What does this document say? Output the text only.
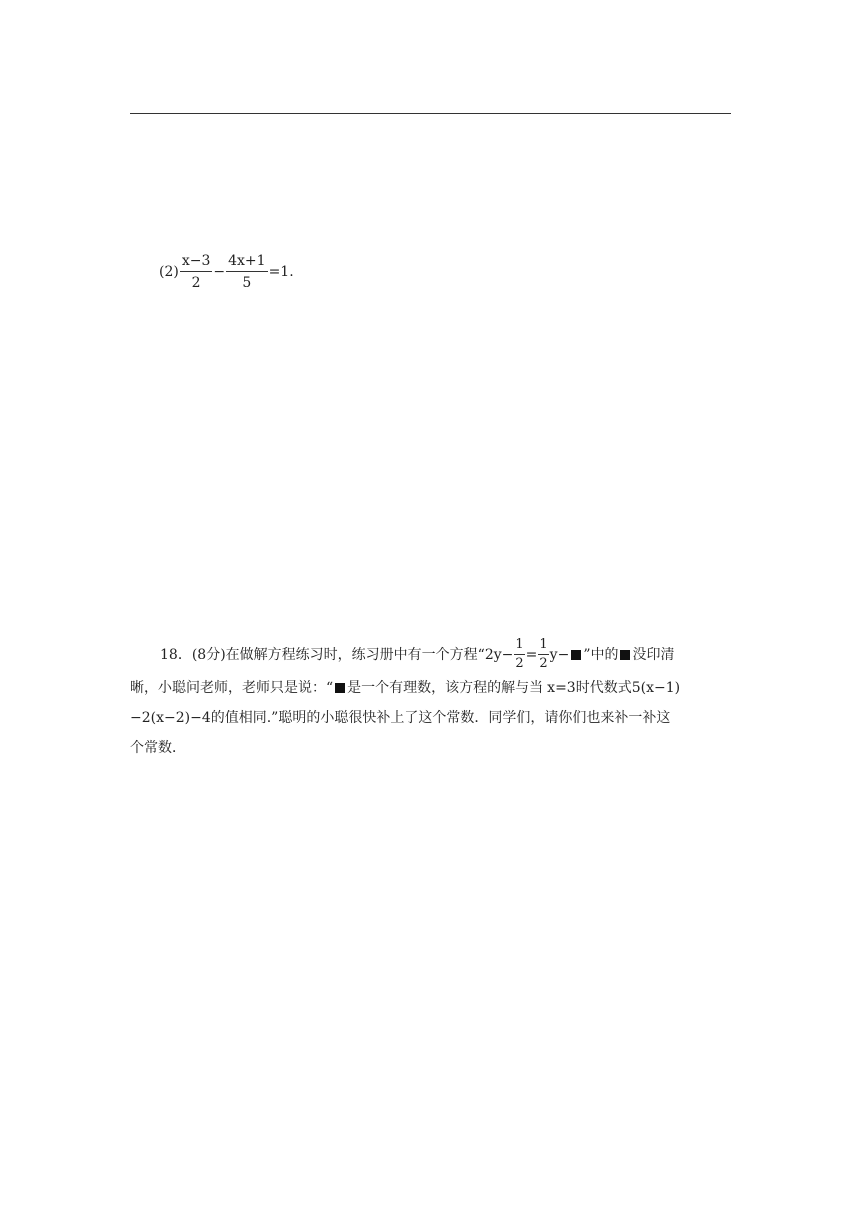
$(2) \frac{x-3}{2} - \frac{4x+1}{5} =1$.
18． (8分) 在做解方程练习时，练习册中有一个方程“ $2y- \frac{1}{2} = \frac{1}{2} y-$ ”中的 没印清
晰，小聪问老师，老师只是说：“ 是一个有理数，该方程的解与当 x=3时代数式5(x−1)
−2(x−2)−4的值相同.”聪明的小聪很快补上了这个常数．同学们，请你们也来补一补这
个常数．
